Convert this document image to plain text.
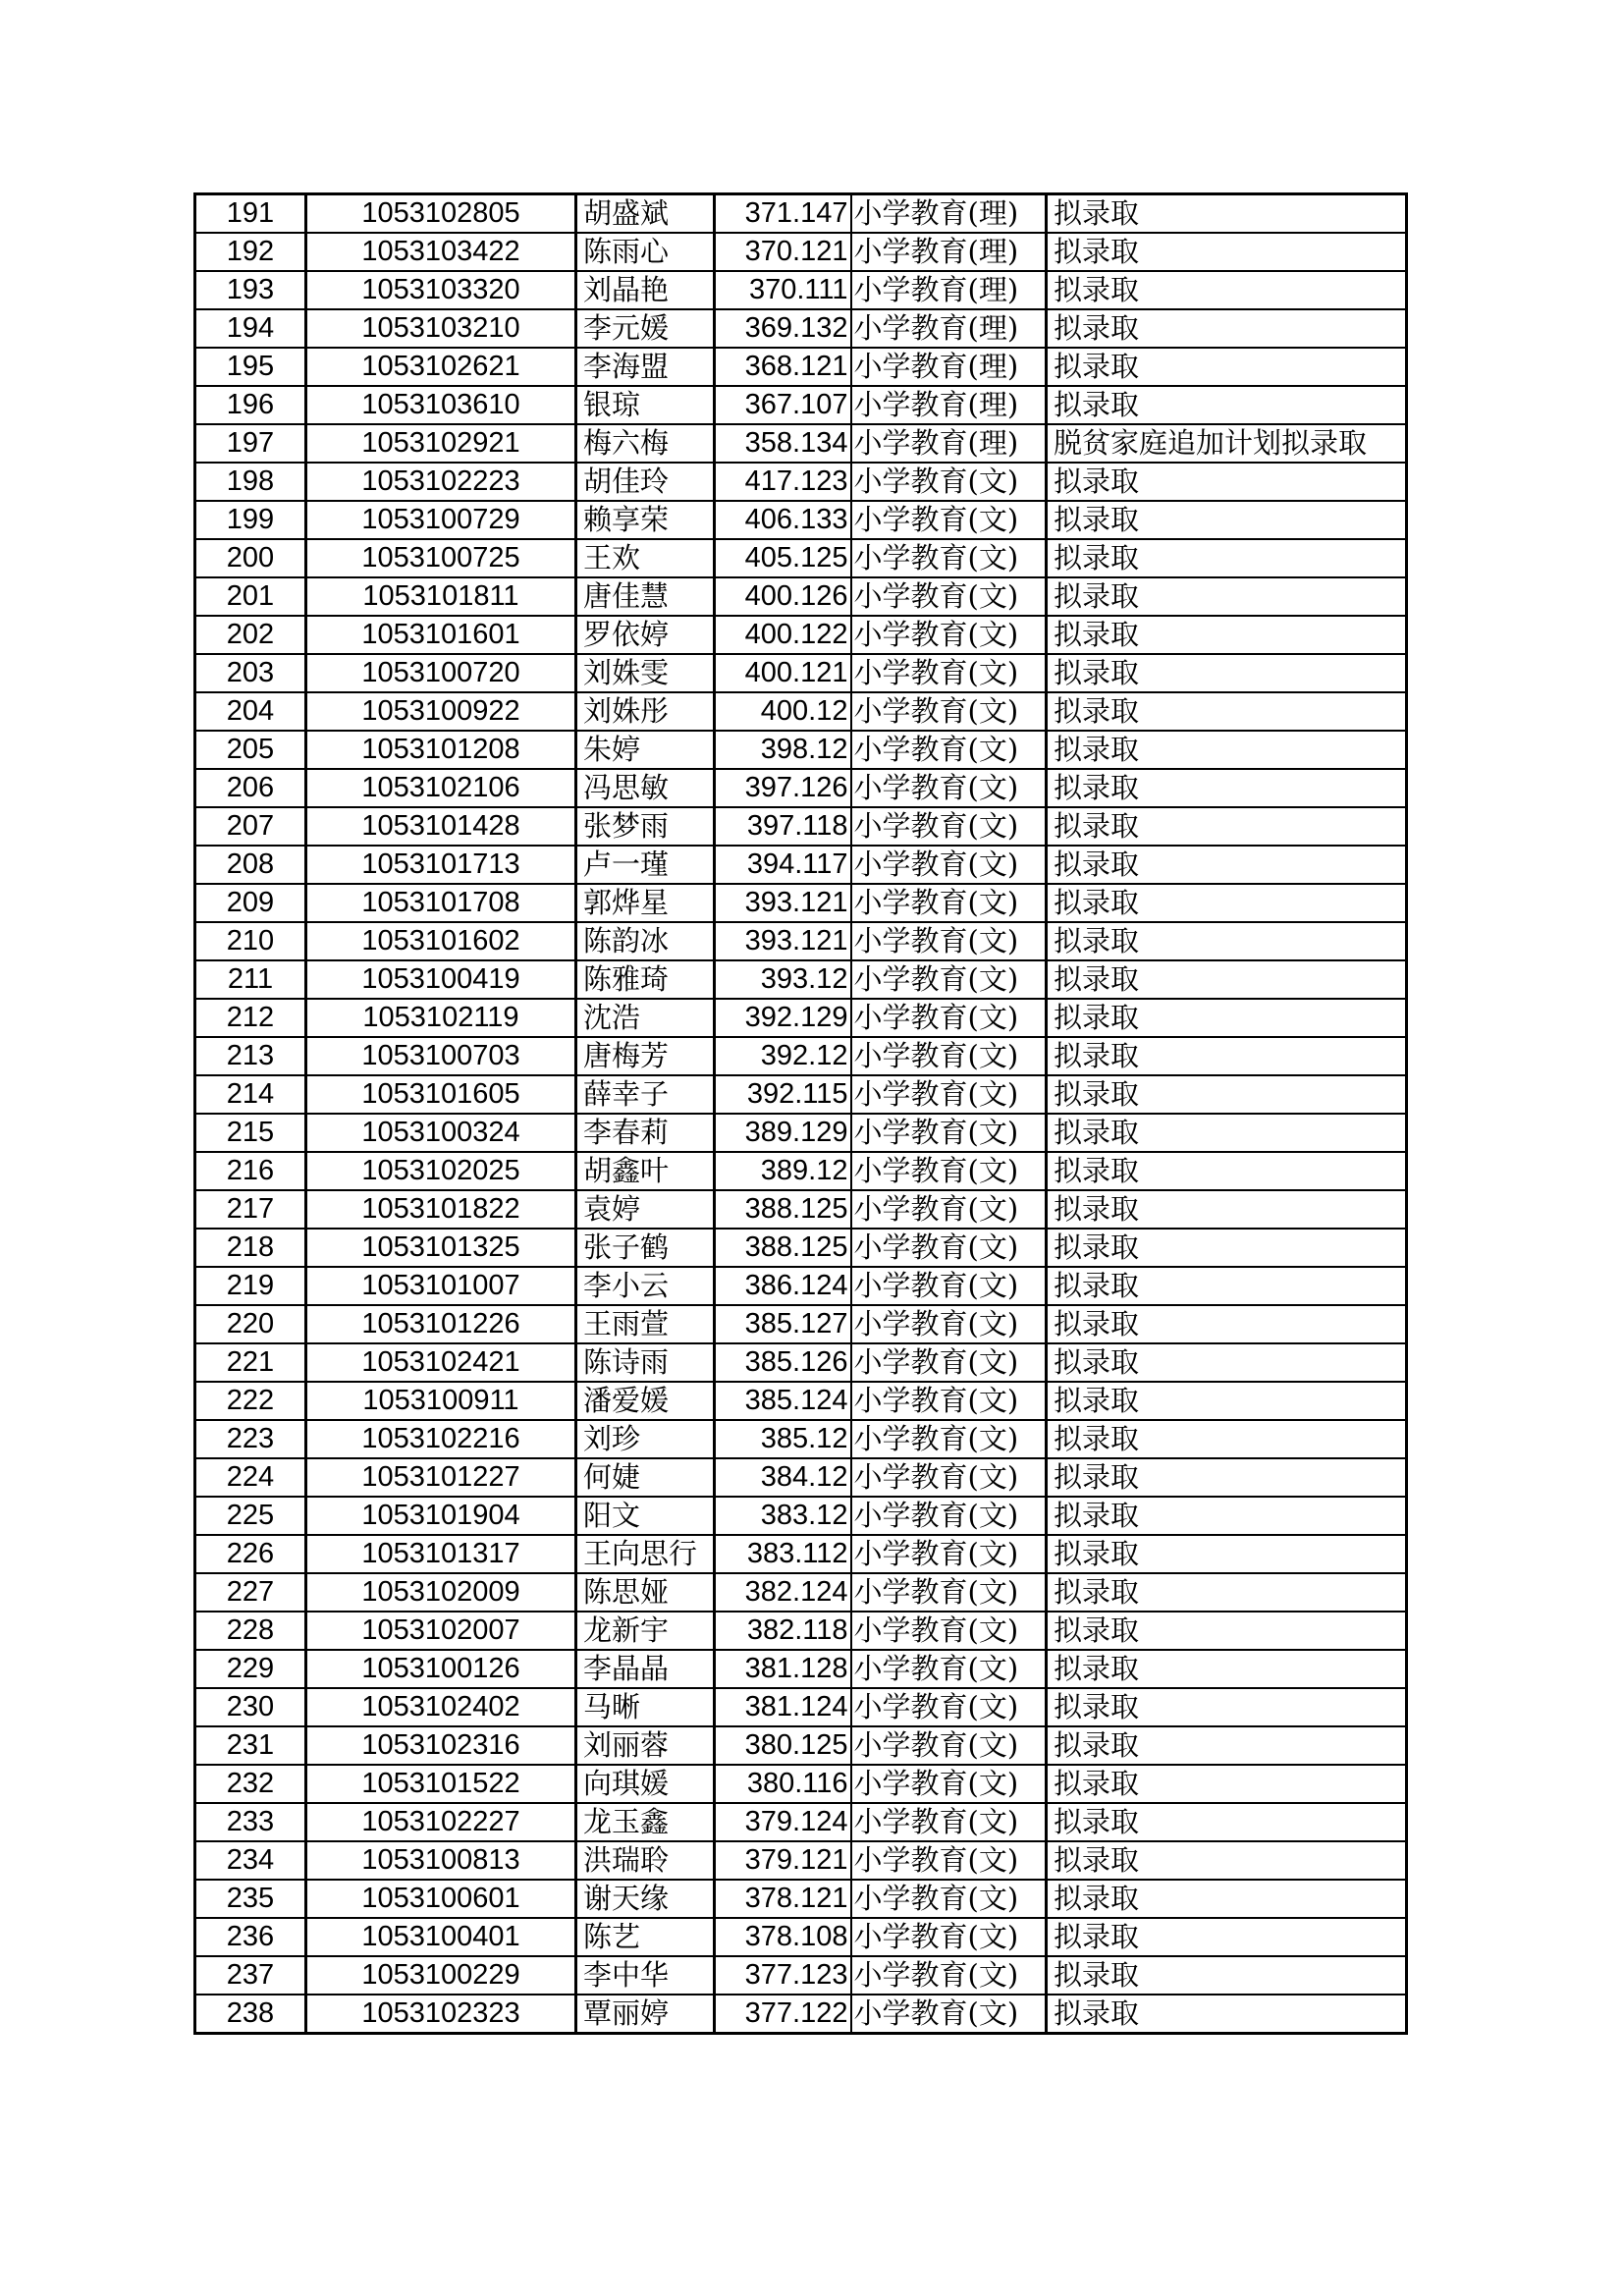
191	1053102805	胡盛斌	371.147	小学教育(理)	拟录取
192	1053103422	陈雨心	370.121	小学教育(理)	拟录取
193	1053103320	刘晶艳	370.111	小学教育(理)	拟录取
194	1053103210	李元媛	369.132	小学教育(理)	拟录取
195	1053102621	李海盟	368.121	小学教育(理)	拟录取
196	1053103610	银琼	367.107	小学教育(理)	拟录取
197	1053102921	梅六梅	358.134	小学教育(理)	脱贫家庭追加计划拟录取
198	1053102223	胡佳玲	417.123	小学教育(文)	拟录取
199	1053100729	赖享荣	406.133	小学教育(文)	拟录取
200	1053100725	王欢	405.125	小学教育(文)	拟录取
201	1053101811	唐佳慧	400.126	小学教育(文)	拟录取
202	1053101601	罗依婷	400.122	小学教育(文)	拟录取
203	1053100720	刘姝雯	400.121	小学教育(文)	拟录取
204	1053100922	刘姝彤	400.12	小学教育(文)	拟录取
205	1053101208	朱婷	398.12	小学教育(文)	拟录取
206	1053102106	冯思敏	397.126	小学教育(文)	拟录取
207	1053101428	张梦雨	397.118	小学教育(文)	拟录取
208	1053101713	卢一瑾	394.117	小学教育(文)	拟录取
209	1053101708	郭烨星	393.121	小学教育(文)	拟录取
210	1053101602	陈韵冰	393.121	小学教育(文)	拟录取
211	1053100419	陈雅琦	393.12	小学教育(文)	拟录取
212	1053102119	沈浩	392.129	小学教育(文)	拟录取
213	1053100703	唐梅芳	392.12	小学教育(文)	拟录取
214	1053101605	薛幸子	392.115	小学教育(文)	拟录取
215	1053100324	李春莉	389.129	小学教育(文)	拟录取
216	1053102025	胡鑫叶	389.12	小学教育(文)	拟录取
217	1053101822	袁婷	388.125	小学教育(文)	拟录取
218	1053101325	张子鹤	388.125	小学教育(文)	拟录取
219	1053101007	李小云	386.124	小学教育(文)	拟录取
220	1053101226	王雨萱	385.127	小学教育(文)	拟录取
221	1053102421	陈诗雨	385.126	小学教育(文)	拟录取
222	1053100911	潘爱媛	385.124	小学教育(文)	拟录取
223	1053102216	刘珍	385.12	小学教育(文)	拟录取
224	1053101227	何婕	384.12	小学教育(文)	拟录取
225	1053101904	阳文	383.12	小学教育(文)	拟录取
226	1053101317	王向思行	383.112	小学教育(文)	拟录取
227	1053102009	陈思娅	382.124	小学教育(文)	拟录取
228	1053102007	龙新宇	382.118	小学教育(文)	拟录取
229	1053100126	李晶晶	381.128	小学教育(文)	拟录取
230	1053102402	马晰	381.124	小学教育(文)	拟录取
231	1053102316	刘丽蓉	380.125	小学教育(文)	拟录取
232	1053101522	向琪媛	380.116	小学教育(文)	拟录取
233	1053102227	龙玉鑫	379.124	小学教育(文)	拟录取
234	1053100813	洪瑞聆	379.121	小学教育(文)	拟录取
235	1053100601	谢天缘	378.121	小学教育(文)	拟录取
236	1053100401	陈艺	378.108	小学教育(文)	拟录取
237	1053100229	李中华	377.123	小学教育(文)	拟录取
238	1053102323	覃丽婷	377.122	小学教育(文)	拟录取
